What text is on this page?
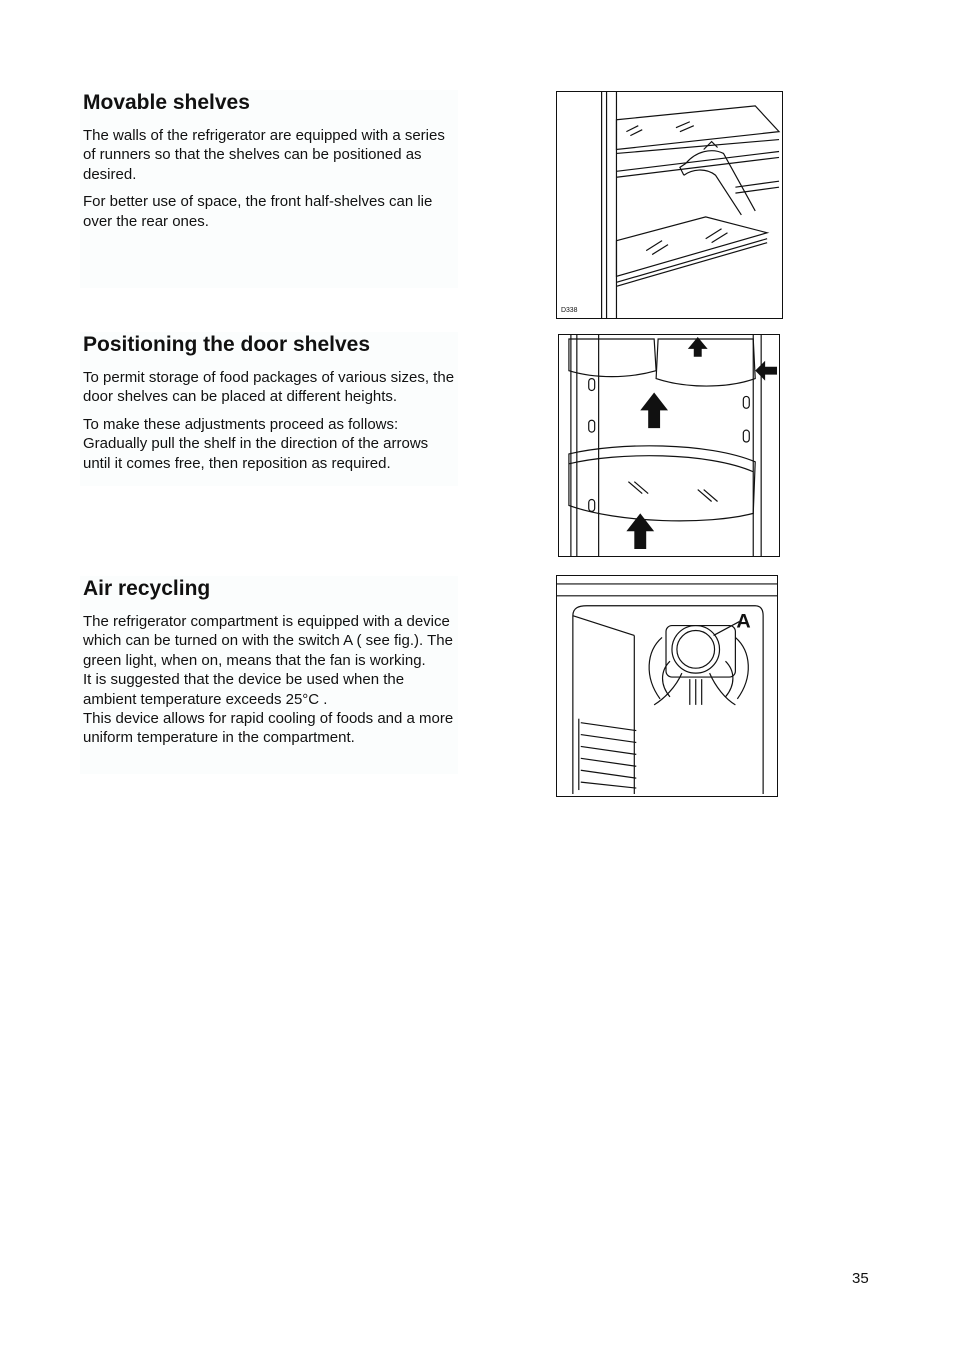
Movable shelves

The walls of the refrigerator are equipped with a series of runners so that the shelves can be positioned as desired.

For better use of space, the front half-shelves can lie over the rear ones.

Positioning the door shelves

To permit storage of food packages of various sizes, the door shelves can be placed at different heights.

To make these adjustments proceed as follows: Gradually pull the shelf in the direction of the arrows until it comes free, then reposition as required.

Air recycling

The refrigerator compartment is equipped with a device which can be turned on with the switch A ( see fig.). The green light, when on, means that the fan is working.

It is suggested that the device be used when the ambient temperature exceeds 25°C .

This device allows for rapid cooling of foods and a more uniform temperature in the compartment.

D338
A
35
